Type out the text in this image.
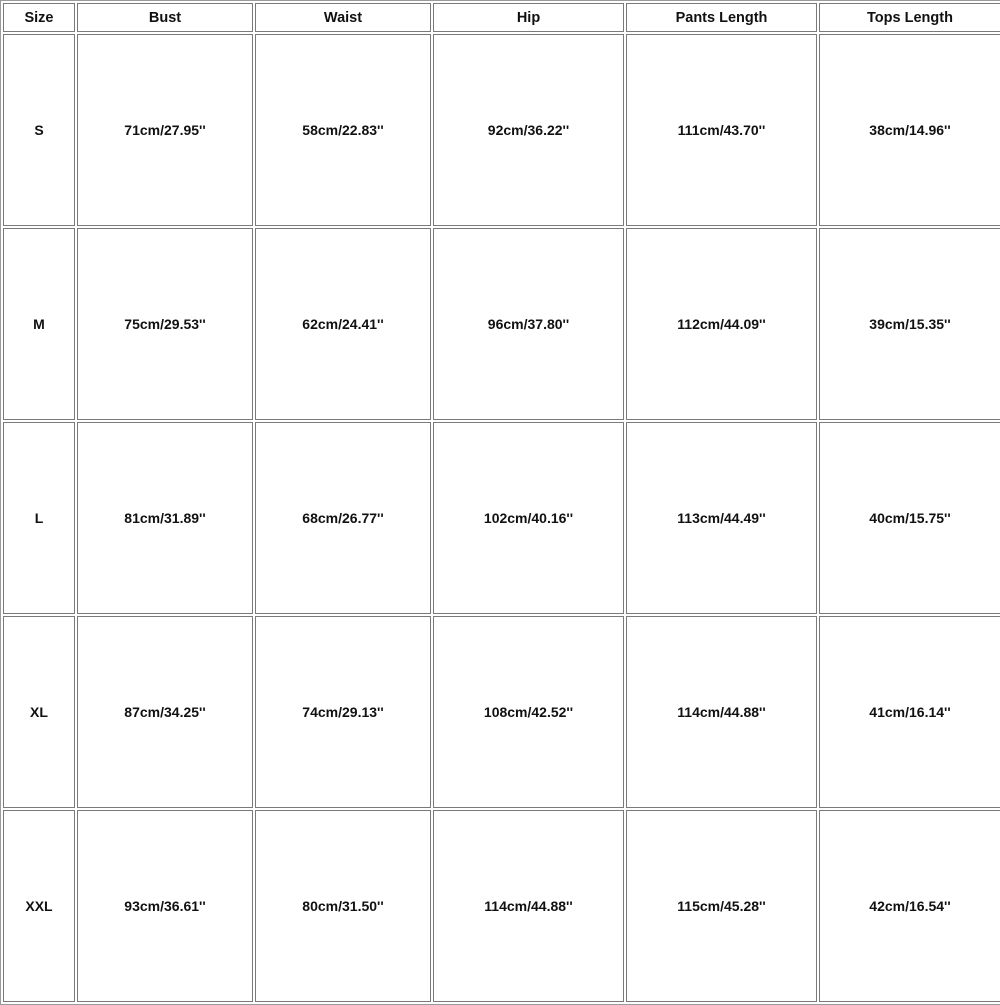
Size	Bust	Waist	Hip	Pants Length	Tops Length
S	71cm/27.95''	58cm/22.83''	92cm/36.22''	111cm/43.70''	38cm/14.96''
M	75cm/29.53''	62cm/24.41''	96cm/37.80''	112cm/44.09''	39cm/15.35''
L	81cm/31.89''	68cm/26.77''	102cm/40.16''	113cm/44.49''	40cm/15.75''
XL	87cm/34.25''	74cm/29.13''	108cm/42.52''	114cm/44.88''	41cm/16.14''
XXL	93cm/36.61''	80cm/31.50''	114cm/44.88''	115cm/45.28''	42cm/16.54''
